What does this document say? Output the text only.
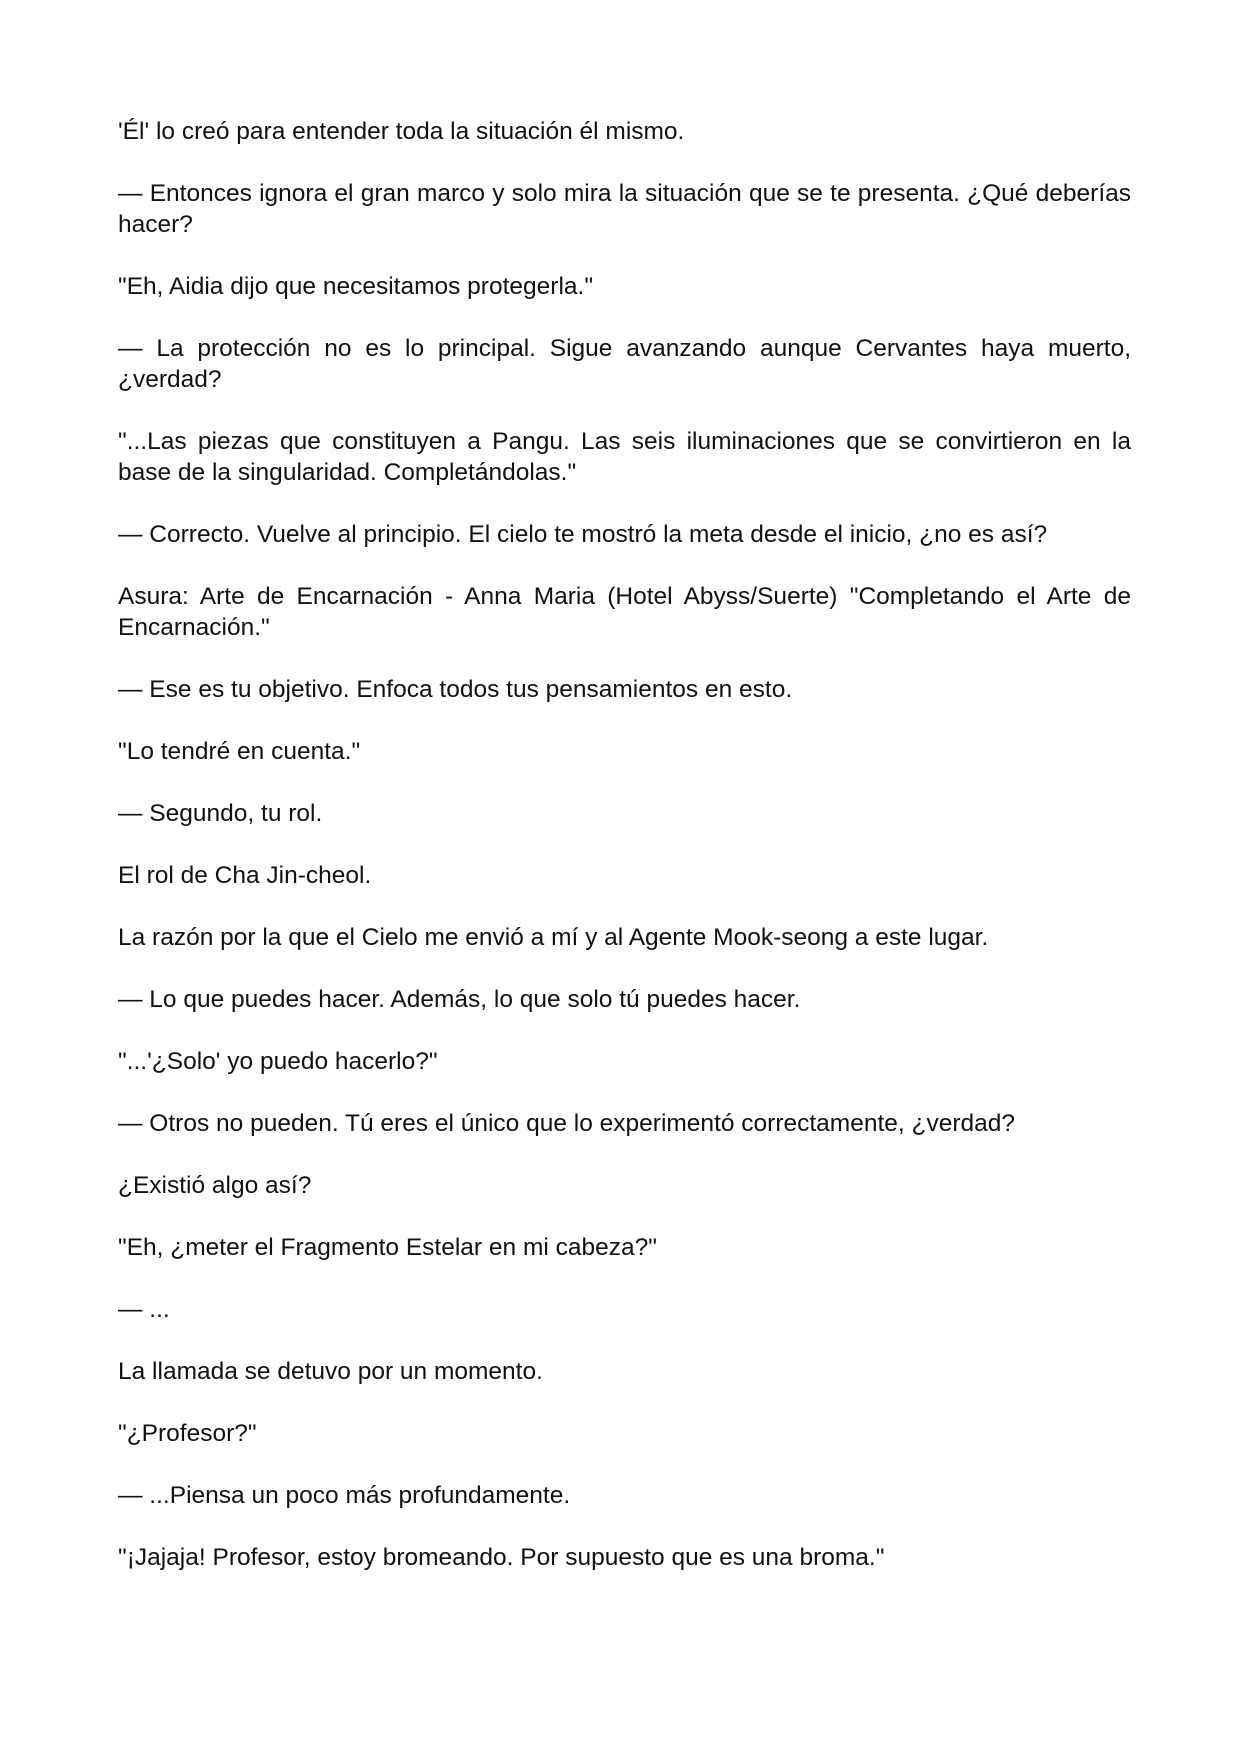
'Él' lo creó para entender toda la situación él mismo.

— Entonces ignora el gran marco y solo mira la situación que se te presenta. ¿Qué deberías hacer?

"Eh, Aidia dijo que necesitamos protegerla."

— La protección no es lo principal. Sigue avanzando aunque Cervantes haya muerto, ¿verdad?

"...Las piezas que constituyen a Pangu. Las seis iluminaciones que se convirtieron en la base de la singularidad. Completándolas."

— Correcto. Vuelve al principio. El cielo te mostró la meta desde el inicio, ¿no es así?

Asura: Arte de Encarnación - Anna Maria (Hotel Abyss/Suerte) "Completando el Arte de Encarnación."

— Ese es tu objetivo. Enfoca todos tus pensamientos en esto.

"Lo tendré en cuenta."

— Segundo, tu rol.

El rol de Cha Jin-cheol.

La razón por la que el Cielo me envió a mí y al Agente Mook-seong a este lugar.

— Lo que puedes hacer. Además, lo que solo tú puedes hacer.

"...'¿Solo' yo puedo hacerlo?"

— Otros no pueden. Tú eres el único que lo experimentó correctamente, ¿verdad?

¿Existió algo así?

"Eh, ¿meter el Fragmento Estelar en mi cabeza?"

— ...

La llamada se detuvo por un momento.

"¿Profesor?"

— ...Piensa un poco más profundamente.

"¡Jajaja! Profesor, estoy bromeando. Por supuesto que es una broma."
